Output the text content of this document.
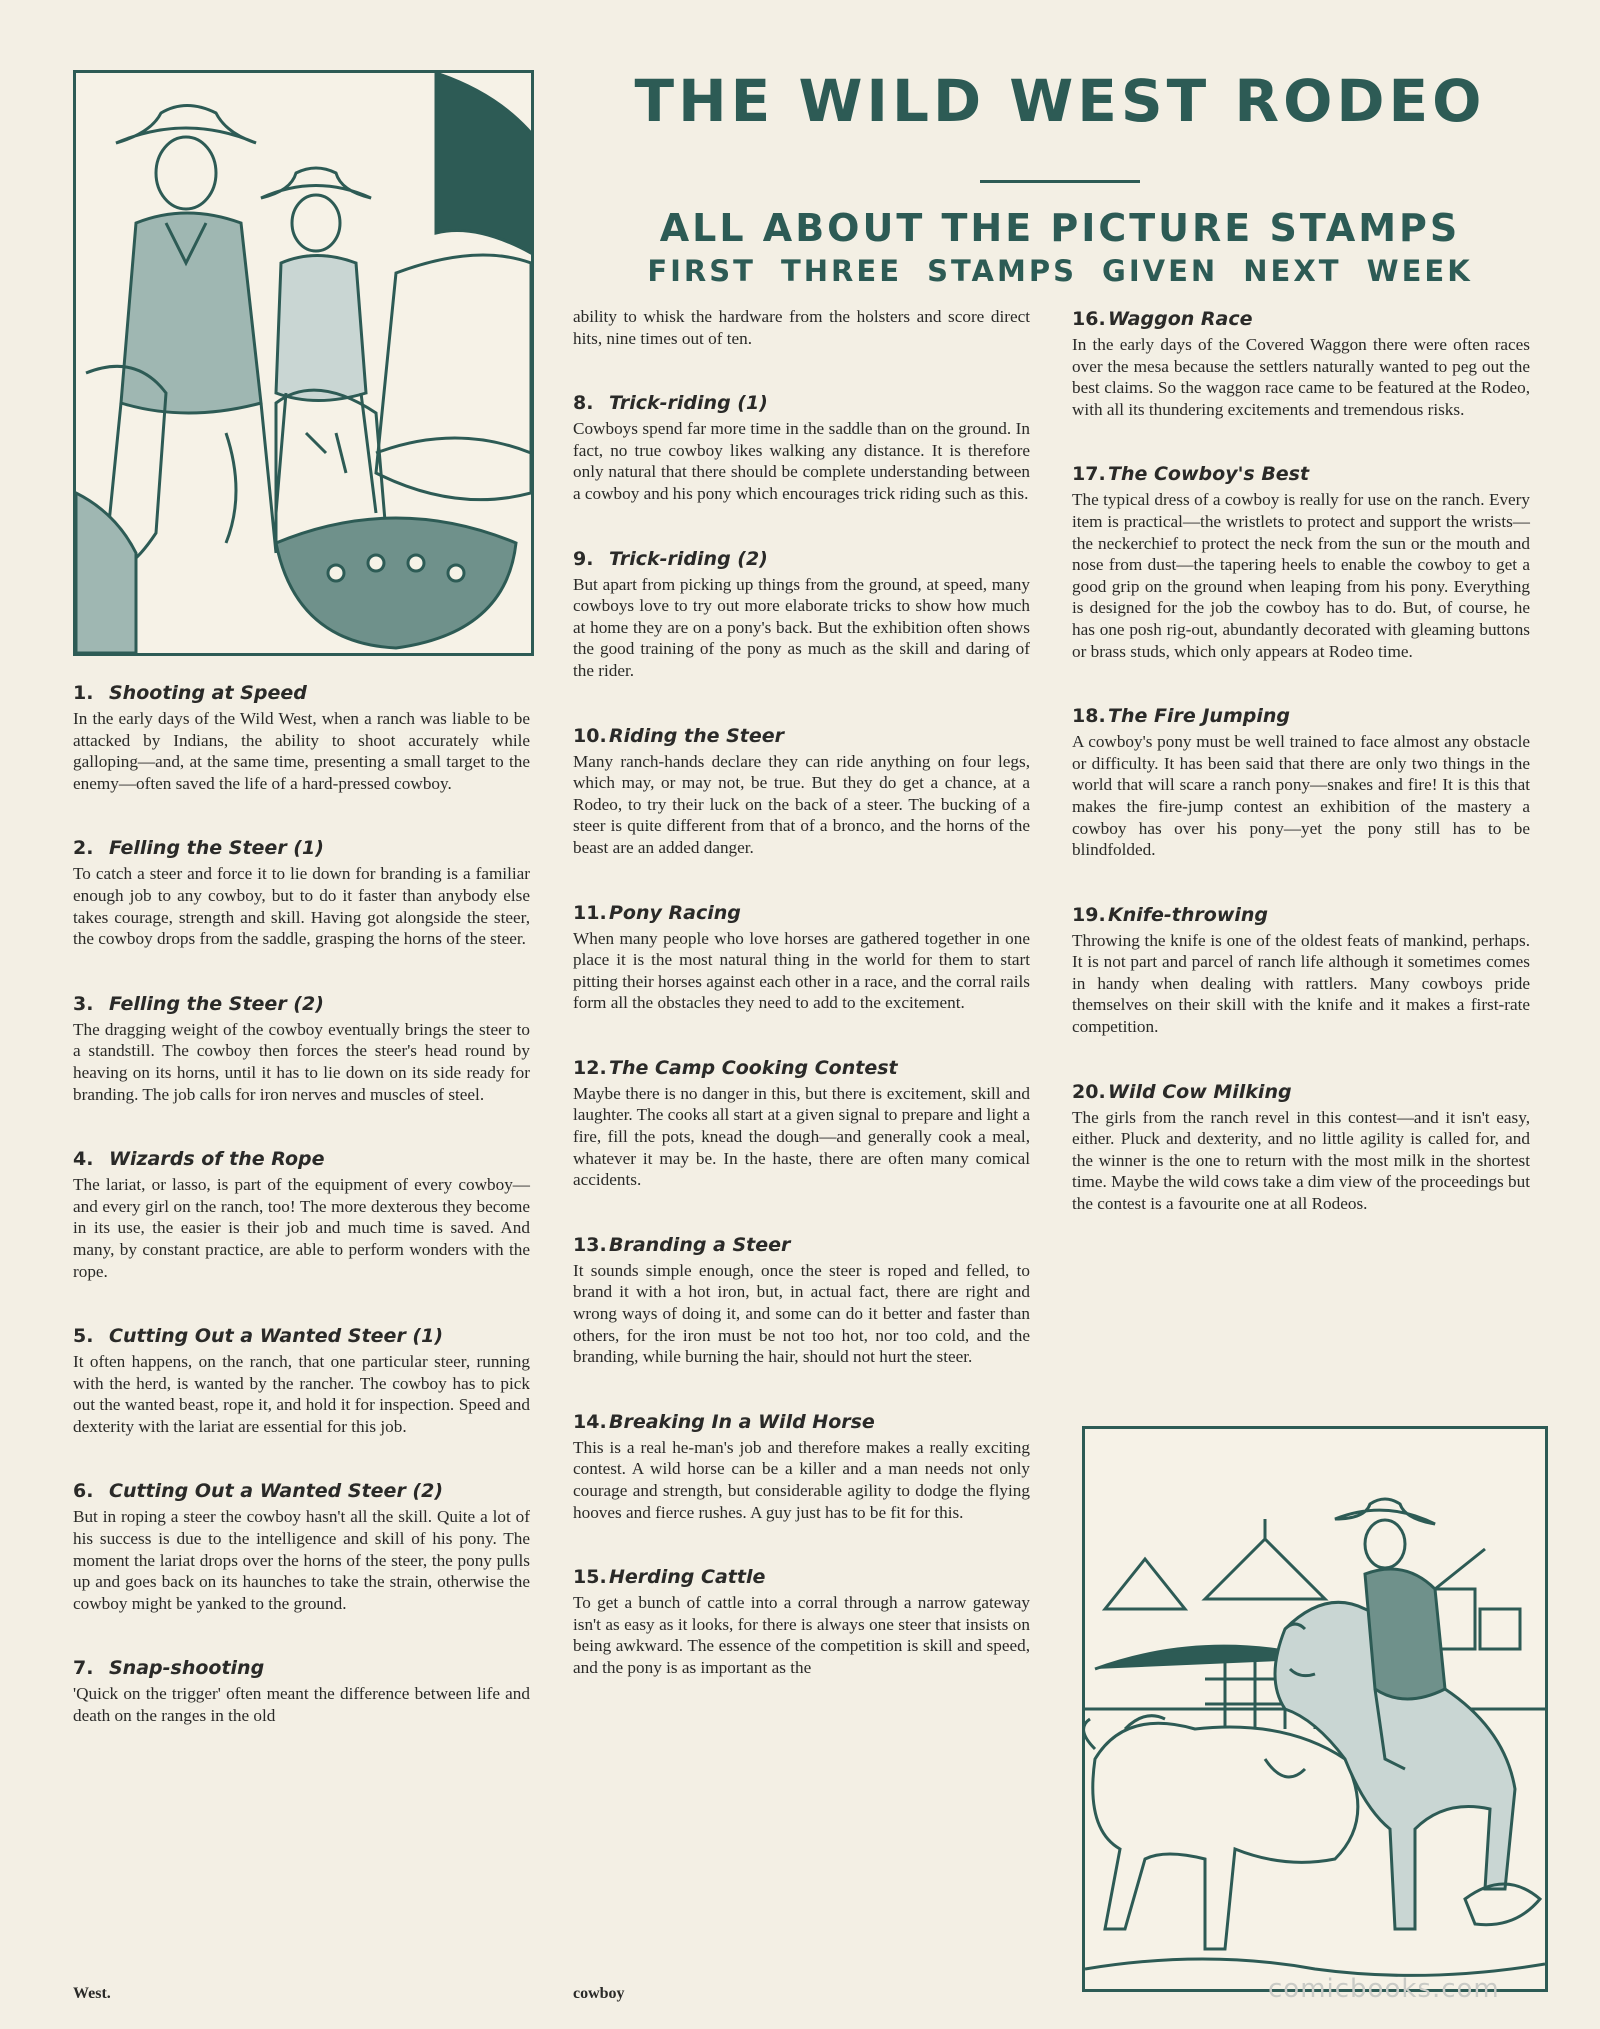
THE WILD WEST RODEO
ALL ABOUT THE PICTURE STAMPS
FIRST THREE STAMPS GIVEN NEXT WEEK

1. Shooting at Speed

In the early days of the Wild West, when a ranch was liable to be attacked by Indians, the ability to shoot accurately while galloping—and, at the same time, presenting a small target to the enemy—often saved the life of a hard-pressed cowboy.

2. Felling the Steer (1)

To catch a steer and force it to lie down for branding is a familiar enough job to any cowboy, but to do it faster than anybody else takes courage, strength and skill. Having got alongside the steer, the cowboy drops from the saddle, grasping the horns of the steer.

3. Felling the Steer (2)

The dragging weight of the cowboy eventually brings the steer to a standstill. The cowboy then forces the steer's head round by heaving on its horns, until it has to lie down on its side ready for branding. The job calls for iron nerves and muscles of steel.

4. Wizards of the Rope

The lariat, or lasso, is part of the equipment of every cowboy—and every girl on the ranch, too! The more dexterous they become in its use, the easier is their job and much time is saved. And many, by constant practice, are able to perform wonders with the rope.

5. Cutting Out a Wanted Steer (1)

It often happens, on the ranch, that one particular steer, running with the herd, is wanted by the rancher. The cowboy has to pick out the wanted beast, rope it, and hold it for inspection. Speed and dexterity with the lariat are essential for this job.

6. Cutting Out a Wanted Steer (2)

But in roping a steer the cowboy hasn't all the skill. Quite a lot of his success is due to the intelligence and skill of his pony. The moment the lariat drops over the horns of the steer, the pony pulls up and goes back on its haunches to take the strain, otherwise the cowboy might be yanked to the ground.

7. Snap-shooting

'Quick on the trigger' often meant the difference between life and death on the ranges in the old

West.

ability to whisk the hardware from the holsters and score direct hits, nine times out of ten.

8. Trick-riding (1)

Cowboys spend far more time in the saddle than on the ground. In fact, no true cowboy likes walking any distance. It is therefore only natural that there should be complete understanding between a cowboy and his pony which encourages trick riding such as this.

9. Trick-riding (2)

But apart from picking up things from the ground, at speed, many cowboys love to try out more elaborate tricks to show how much at home they are on a pony's back. But the exhibition often shows the good training of the pony as much as the skill and daring of the rider.

10. Riding the Steer

Many ranch-hands declare they can ride anything on four legs, which may, or may not, be true. But they do get a chance, at a Rodeo, to try their luck on the back of a steer. The bucking of a steer is quite different from that of a bronco, and the horns of the beast are an added danger.

11. Pony Racing

When many people who love horses are gathered together in one place it is the most natural thing in the world for them to start pitting their horses against each other in a race, and the corral rails form all the obstacles they need to add to the excitement.

12. The Camp Cooking Contest

Maybe there is no danger in this, but there is excitement, skill and laughter. The cooks all start at a given signal to prepare and light a fire, fill the pots, knead the dough—and generally cook a meal, whatever it may be. In the haste, there are often many comical accidents.

13. Branding a Steer

It sounds simple enough, once the steer is roped and felled, to brand it with a hot iron, but, in actual fact, there are right and wrong ways of doing it, and some can do it better and faster than others, for the iron must be not too hot, nor too cold, and the branding, while burning the hair, should not hurt the steer.

14. Breaking In a Wild Horse

This is a real he-man's job and therefore makes a really exciting contest. A wild horse can be a killer and a man needs not only courage and strength, but considerable agility to dodge the flying hooves and fierce rushes. A guy just has to be fit for this.

15. Herding Cattle

To get a bunch of cattle into a corral through a narrow gateway isn't as easy as it looks, for there is always one steer that insists on being awkward. The essence of the competition is skill and speed, and the pony is as important as the

cowboy

16. Waggon Race

In the early days of the Covered Waggon there were often races over the mesa because the settlers naturally wanted to peg out the best claims. So the waggon race came to be featured at the Rodeo, with all its thundering excitements and tremendous risks.

17. The Cowboy's Best

The typical dress of a cowboy is really for use on the ranch. Every item is practical—the wristlets to protect and support the wrists—the neckerchief to protect the neck from the sun or the mouth and nose from dust—the tapering heels to enable the cowboy to get a good grip on the ground when leaping from his pony. Everything is designed for the job the cowboy has to do. But, of course, he has one posh rig-out, abundantly decorated with gleaming buttons or brass studs, which only appears at Rodeo time.

18. The Fire Jumping

A cowboy's pony must be well trained to face almost any obstacle or difficulty. It has been said that there are only two things in the world that will scare a ranch pony—snakes and fire! It is this that makes the fire-jump contest an exhibition of the mastery a cowboy has over his pony—yet the pony still has to be blindfolded.

19. Knife-throwing

Throwing the knife is one of the oldest feats of mankind, perhaps. It is not part and parcel of ranch life although it sometimes comes in handy when dealing with rattlers. Many cowboys pride themselves on their skill with the knife and it makes a first-rate competition.

20. Wild Cow Milking

The girls from the ranch revel in this contest—and it isn't easy, either. Pluck and dexterity, and no little agility is called for, and the winner is the one to return with the most milk in the shortest time. Maybe the wild cows take a dim view of the proceedings but the contest is a favourite one at all Rodeos.

comicbooks.com
